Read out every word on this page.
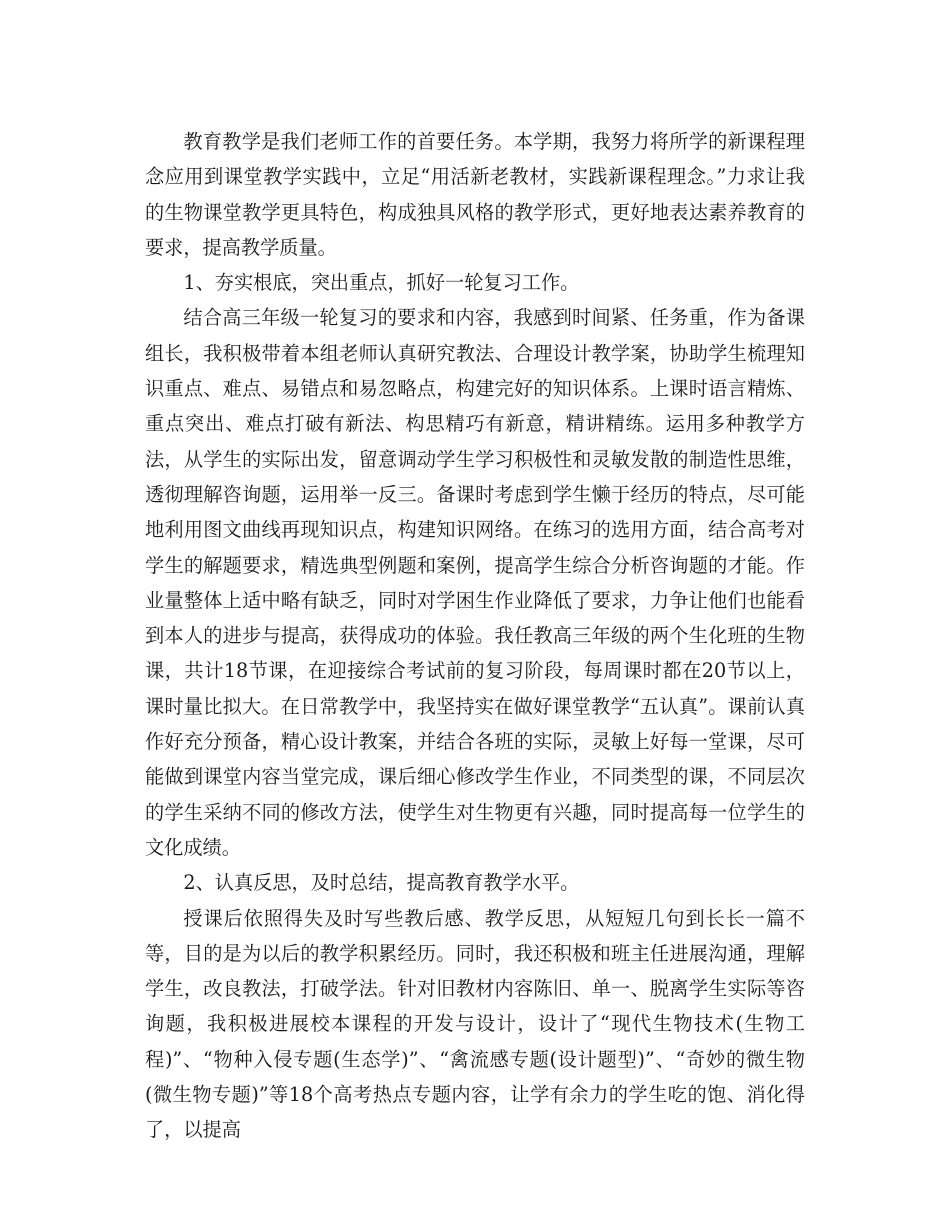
教育教学是我们老师工作的首要任务。本学期，我努力将所学的新课程理念应用到课堂教学实践中，立足“用活新老教材，实践新课程理念。”力求让我的生物课堂教学更具特色，构成独具风格的教学形式，更好地表达素养教育的要求，提高教学质量。

1、夯实根底，突出重点，抓好一轮复习工作。

结合高三年级一轮复习的要求和内容，我感到时间紧、任务重，作为备课组长，我积极带着本组老师认真研究教法、合理设计教学案，协助学生梳理知识重点、难点、易错点和易忽略点，构建完好的知识体系。上课时语言精炼、重点突出、难点打破有新法、构思精巧有新意，精讲精练。运用多种教学方法，从学生的实际出发，留意调动学生学习积极性和灵敏发散的制造性思维，透彻理解咨询题，运用举一反三。备课时考虑到学生懒于经历的特点，尽可能地利用图文曲线再现知识点，构建知识网络。在练习的选用方面，结合高考对学生的解题要求，精选典型例题和案例，提高学生综合分析咨询题的才能。作业量整体上适中略有缺乏，同时对学困生作业降低了要求，力争让他们也能看到本人的进步与提高，获得成功的体验。我任教高三年级的两个生化班的生物课，共计18节课，在迎接综合考试前的复习阶段，每周课时都在20节以上，课时量比拟大。在日常教学中，我坚持实在做好课堂教学“五认真”。课前认真作好充分预备，精心设计教案，并结合各班的实际，灵敏上好每一堂课，尽可能做到课堂内容当堂完成，课后细心修改学生作业，不同类型的课，不同层次的学生采纳不同的修改方法，使学生对生物更有兴趣，同时提高每一位学生的文化成绩。

2、认真反思，及时总结，提高教育教学水平。

授课后依照得失及时写些教后感、教学反思，从短短几句到长长一篇不等，目的是为以后的教学积累经历。同时，我还积极和班主任进展沟通，理解学生，改良教法，打破学法。针对旧教材内容陈旧、单一、脱离学生实际等咨询题，我积极进展校本课程的开发与设计，设计了“现代生物技术(生物工程)”、“物种入侵专题(生态学)”、“禽流感专题(设计题型)”、“奇妙的微生物(微生物专题)”等18个高考热点专题内容，让学有余力的学生吃的饱、消化得了，以提高
